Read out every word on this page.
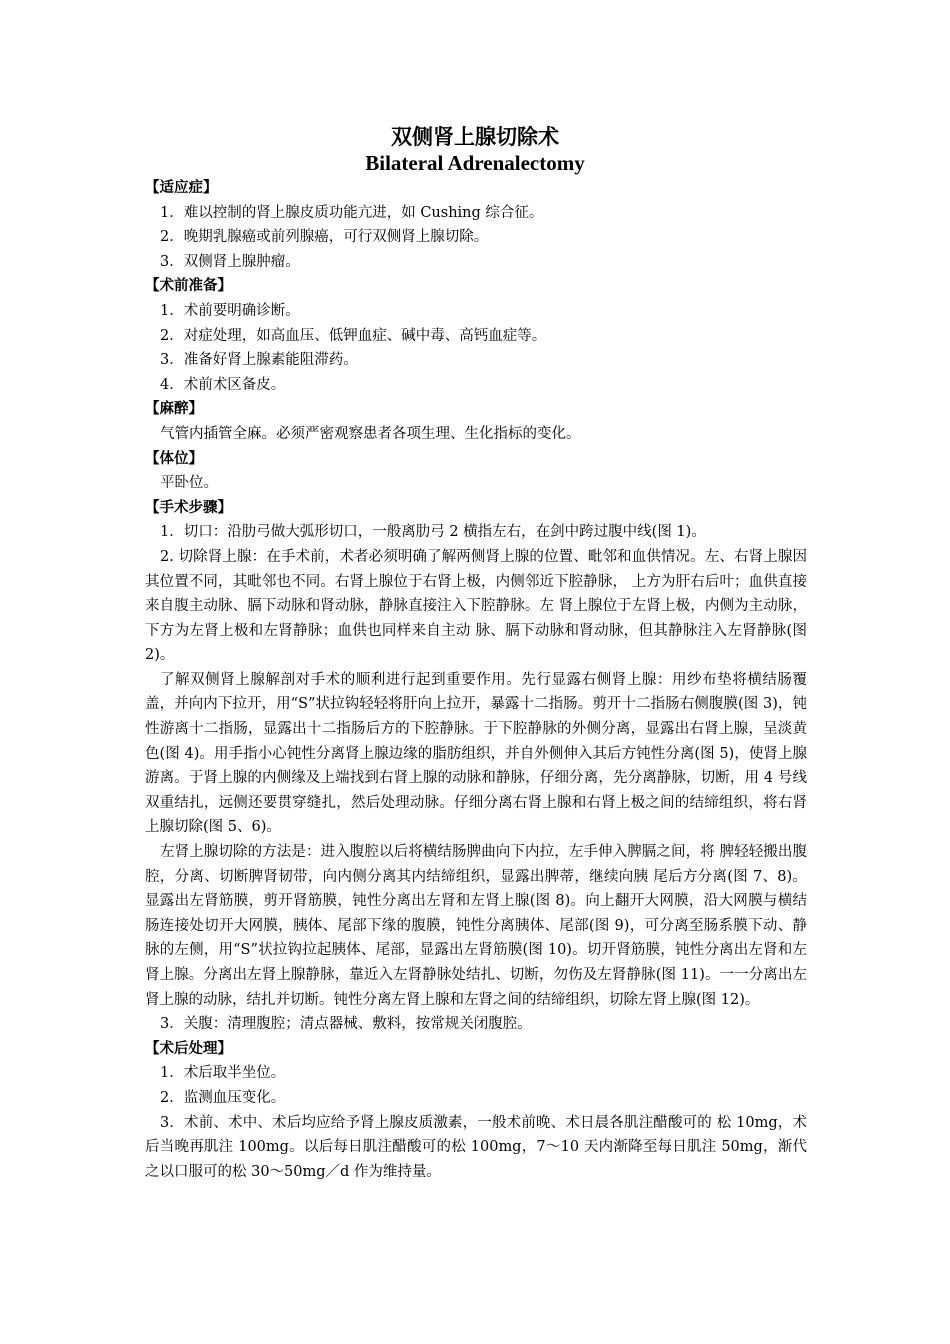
双侧肾上腺切除术
Bilateral Adrenalectomy

【适应症】

1．难以控制的肾上腺皮质功能亢进，如 Cushing 综合征。

2．晚期乳腺癌或前列腺癌，可行双侧肾上腺切除。

3．双侧肾上腺肿瘤。

【术前准备】

1．术前要明确诊断。

2．对症处理，如高血压、低钾血症、碱中毒、高钙血症等。

3．准备好肾上腺素能阻滞药。

4．术前术区备皮。

【麻醉】

气管内插管全麻。必须严密观察患者各项生理、生化指标的变化。

【体位】

平卧位。

【手术步骤】

1．切口：沿肋弓做大弧形切口，一般离肋弓 2 横指左右，在剑中跨过腹中线(图 1)。

2. 切除肾上腺：在手术前，术者必须明确了解两侧肾上腺的位置、毗邻和血供情况。左、右肾上腺因其位置不同，其毗邻也不同。右肾上腺位于右肾上极，内侧邻近下腔静脉， 上方为肝右后叶；血供直接来自腹主动脉、膈下动脉和肾动脉，静脉直接注入下腔静脉。左 肾上腺位于左肾上极，内侧为主动脉，下方为左肾上极和左肾静脉；血供也同样来自主动 脉、膈下动脉和肾动脉，但其静脉注入左肾静脉(图 2)。

了解双侧肾上腺解剖对手术的顺利进行起到重要作用。先行显露右侧肾上腺：用纱布垫将横结肠覆盖，并向内下拉开，用“S”状拉钩轻轻将肝向上拉开，暴露十二指肠。剪开十二指肠右侧腹膜(图 3)，钝性游离十二指肠，显露出十二指肠后方的下腔静脉。于下腔静脉的外侧分离，显露出右肾上腺，呈淡黄色(图 4)。用手指小心钝性分离肾上腺边缘的脂肪组织，并自外侧伸入其后方钝性分离(图 5)，使肾上腺游离。于肾上腺的内侧缘及上端找到右肾上腺的动脉和静脉，仔细分离，先分离静脉，切断，用 4 号线双重结扎，远侧还要贯穿缝扎，然后处理动脉。仔细分离右肾上腺和右肾上极之间的结缔组织，将右肾上腺切除(图 5、6)。

左肾上腺切除的方法是：进入腹腔以后将横结肠脾曲向下内拉，左手伸入脾膈之间，将 脾轻轻搬出腹腔，分离、切断脾肾韧带，向内侧分离其内结缔组织，显露出脾蒂，继续向胰 尾后方分离(图 7、8)。显露出左肾筋膜，剪开肾筋膜，钝性分离出左肾和左肾上腺(图 8)。向上翻开大网膜，沿大网膜与横结肠连接处切开大网膜，胰体、尾部下缘的腹膜，钝性分离胰体、尾部(图 9)，可分离至肠系膜下动、静脉的左侧，用“S”状拉钩拉起胰体、尾部，显露出左肾筋膜(图 10)。切开肾筋膜，钝性分离出左肾和左肾上腺。分离出左肾上腺静脉，靠近入左肾静脉处结扎、切断，勿伤及左肾静脉(图 11)。一一分离出左肾上腺的动脉，结扎并切断。钝性分离左肾上腺和左肾之间的结缔组织，切除左肾上腺(图 12)。

3．关腹：清理腹腔；清点器械、敷料，按常规关闭腹腔。

【术后处理】

1．术后取半坐位。

2．监测血压变化。

3．术前、术中、术后均应给予肾上腺皮质激素，一般术前晚、术日晨各肌注醋酸可的 松 10mg，术后当晚再肌注 100mg。以后每日肌注醋酸可的松 100mg，7～10 天内渐降至每日肌注 50mg，渐代之以口服可的松 30～50mg／d 作为维持量。
